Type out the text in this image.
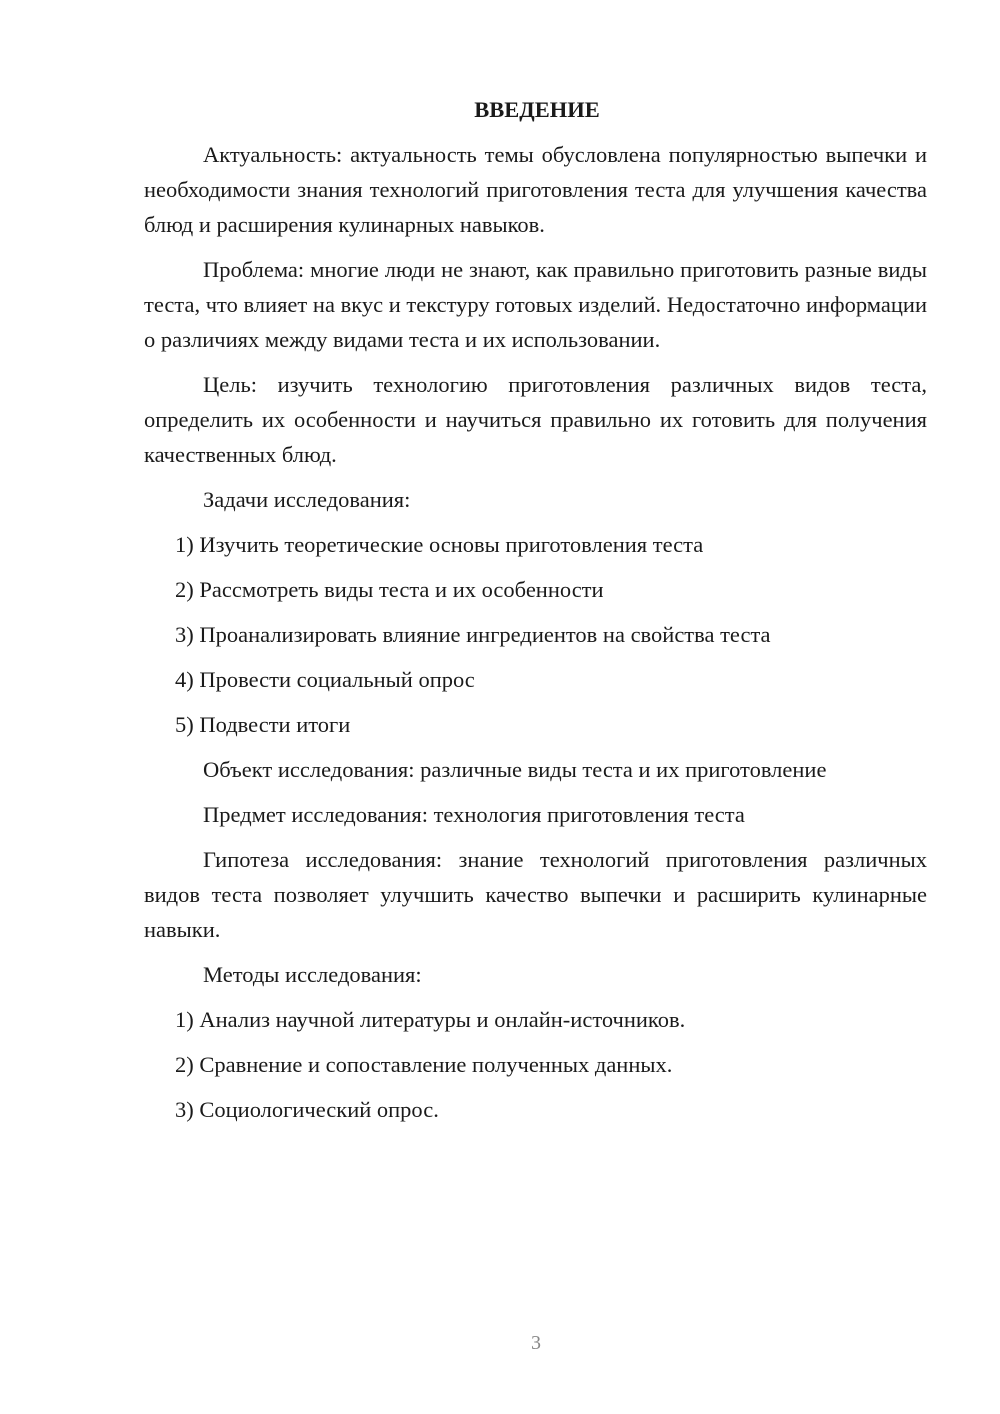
ВВЕДЕНИЕ

Актуальность: актуальность темы обусловлена популярностью выпечки и необходимости знания технологий приготовления теста для улучшения качества блюд и расширения кулинарных навыков.

Проблема: многие люди не знают, как правильно приготовить разные виды теста, что влияет на вкус и текстуру готовых изделий. Недостаточно информации о различиях между видами теста и их использовании.

Цель: изучить технологию приготовления различных видов теста, определить их особенности и научиться правильно их готовить для получения качественных блюд.

Задачи исследования:
1) Изучить теоретические основы приготовления теста
2) Рассмотреть виды теста и их особенности
3) Проанализировать влияние ингредиентов на свойства теста
4) Провести социальный опрос
5) Подвести итоги
Объект исследования: различные виды теста и их приготовление
Предмет исследования: технология приготовления теста

Гипотеза исследования: знание технологий приготовления различных видов теста позволяет улучшить качество выпечки и расширить кулинарные навыки.

Методы исследования:
1) Анализ научной литературы и онлайн-источников.
2) Сравнение и сопоставление полученных данных.
3) Социологический опрос.
3
